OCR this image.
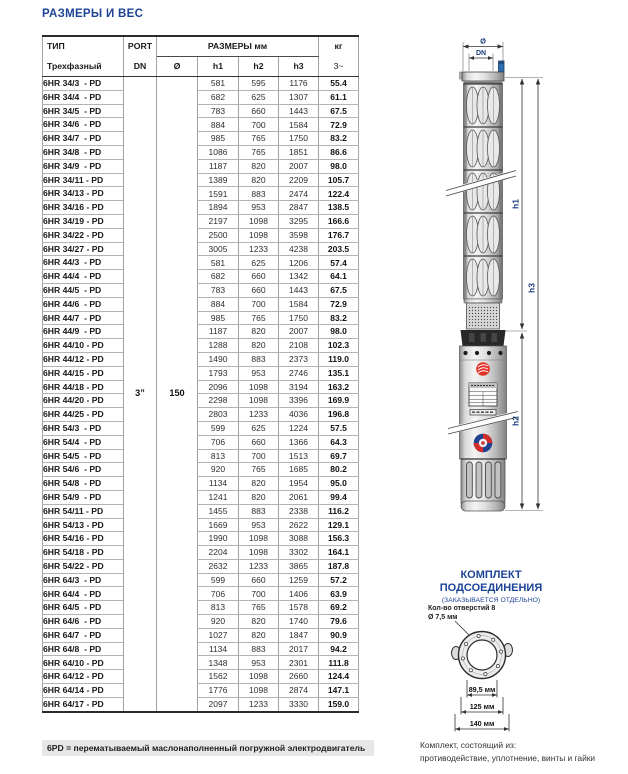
РАЗМЕРЫ И ВЕС
ТИП	PORT	РАЗМЕРЫ мм				кг
Трехфазный	DN	Ø	h1	h2	h3	3~
6HR 34/3  - PD	3”	150	581	595	1176	55.4
6HR 34/4  - PD			682	625	1307	61.1
6HR 34/5  - PD			783	660	1443	67.5
6HR 34/6  - PD			884	700	1584	72.9
6HR 34/7  - PD			985	765	1750	83.2
6HR 34/8  - PD			1086	765	1851	86.6
6HR 34/9  - PD			1187	820	2007	98.0
6HR 34/11 - PD			1389	820	2209	105.7
6HR 34/13 - PD			1591	883	2474	122.4
6HR 34/16 - PD			1894	953	2847	138.5
6HR 34/19 - PD			2197	1098	3295	166.6
6HR 34/22 - PD			2500	1098	3598	176.7
6HR 34/27 - PD			3005	1233	4238	203.5
6HR 44/3  - PD			581	625	1206	57.4
6HR 44/4  - PD			682	660	1342	64.1
6HR 44/5  - PD			783	660	1443	67.5
6HR 44/6  - PD			884	700	1584	72.9
6HR 44/7  - PD			985	765	1750	83.2
6HR 44/9  - PD			1187	820	2007	98.0
6HR 44/10 - PD			1288	820	2108	102.3
6HR 44/12 - PD			1490	883	2373	119.0
6HR 44/15 - PD			1793	953	2746	135.1
6HR 44/18 - PD			2096	1098	3194	163.2
6HR 44/20 - PD			2298	1098	3396	169.9
6HR 44/25 - PD			2803	1233	4036	196.8
6HR 54/3  - PD			599	625	1224	57.5
6HR 54/4  - PD			706	660	1366	64.3
6HR 54/5  - PD			813	700	1513	69.7
6HR 54/6  - PD			920	765	1685	80.2
6HR 54/8  - PD			1134	820	1954	95.0
6HR 54/9  - PD			1241	820	2061	99.4
6HR 54/11 - PD			1455	883	2338	116.2
6HR 54/13 - PD			1669	953	2622	129.1
6HR 54/16 - PD			1990	1098	3088	156.3
6HR 54/18 - PD			2204	1098	3302	164.1
6HR 54/22 - PD			2632	1233	3865	187.8
6HR 64/3  - PD			599	660	1259	57.2
6HR 64/4  - PD			706	700	1406	63.9
6HR 64/5  - PD			813	765	1578	69.2
6HR 64/6  - PD			920	820	1740	79.6
6HR 64/7  - PD			1027	820	1847	90.9
6HR 64/8  - PD			1134	883	2017	94.2
6HR 64/10 - PD			1348	953	2301	111.8
6HR 64/12 - PD			1562	1098	2660	124.4
6HR 64/14 - PD			1776	1098	2874	147.1
6HR 64/17 - PD			2097	1233	3330	159.0
6PD = перематываемый маслонаполненный погружной электродвигатель
Ø
DN
h1
h2
h3
КОМПЛЕКТ
ПОДСОЕДИНЕНИЯ
(ЗАКАЗЫВАЕТСЯ ОТДЕЛЬНО)
Кол-во отверстий 8
Ø 7,5 мм
89,5 мм
125 мм
140 мм
Комплект, состоящий из:
противодействие, уплотнение, винты и гайки
